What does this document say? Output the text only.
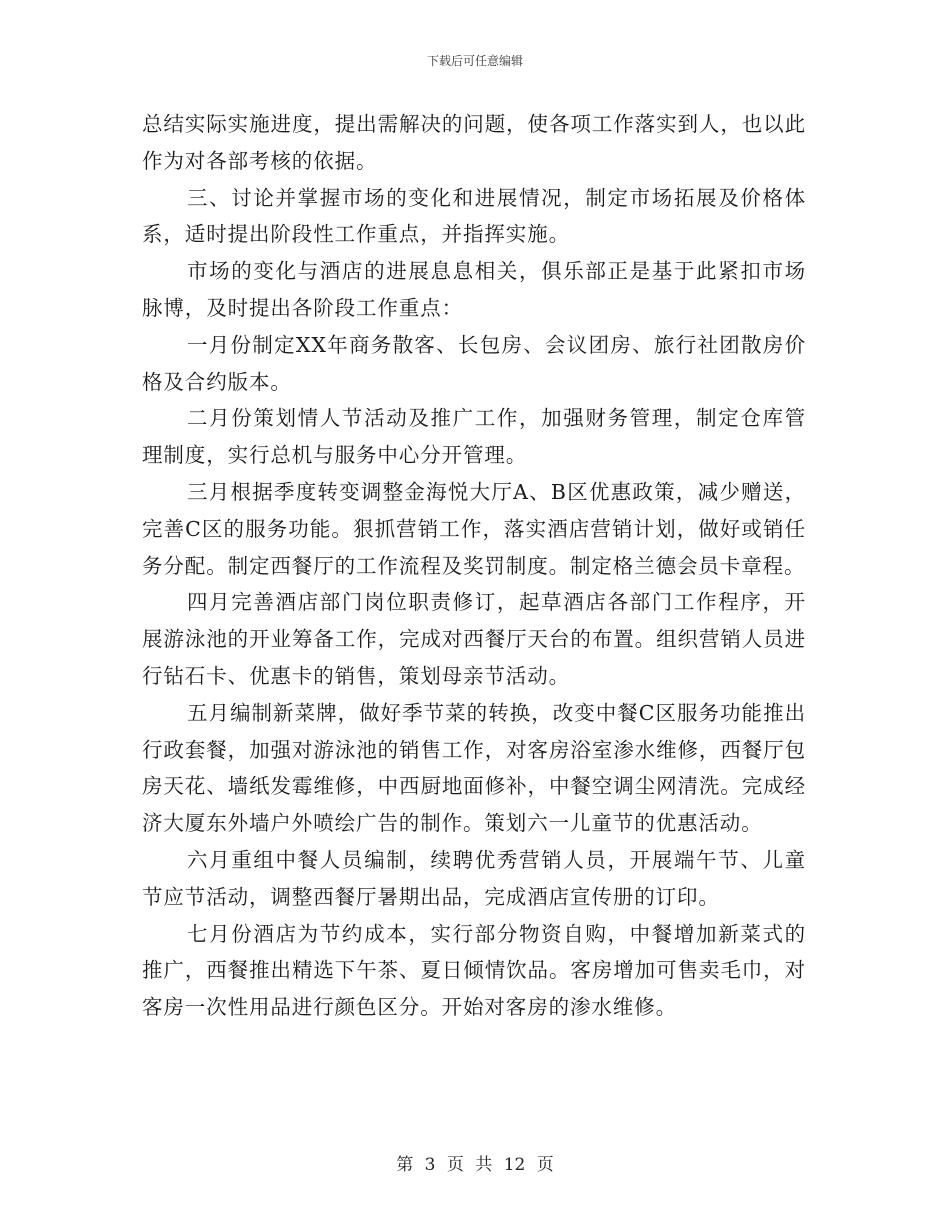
下载后可任意编辑

总结实际实施进度，提出需解决的问题，使各项工作落实到人，也以此作为对各部考核的依据。

三、讨论并掌握市场的变化和进展情况，制定市场拓展及价格体系，适时提出阶段性工作重点，并指挥实施。

市场的变化与酒店的进展息息相关，俱乐部正是基于此紧扣市场脉博，及时提出各阶段工作重点：

一月份制定XX年商务散客、长包房、会议团房、旅行社团散房价格及合约版本。

二月份策划情人节活动及推广工作，加强财务管理，制定仓库管理制度，实行总机与服务中心分开管理。

三月根据季度转变调整金海悦大厅A、B区优惠政策，减少赠送，完善C区的服务功能。狠抓营销工作，落实酒店营销计划，做好或销任务分配。制定西餐厅的工作流程及奖罚制度。制定格兰德会员卡章程。

四月完善酒店部门岗位职责修订，起草酒店各部门工作程序，开展游泳池的开业筹备工作，完成对西餐厅天台的布置。组织营销人员进行钻石卡、优惠卡的销售，策划母亲节活动。

五月编制新菜牌，做好季节菜的转换，改变中餐C区服务功能推出行政套餐，加强对游泳池的销售工作，对客房浴室渗水维修，西餐厅包房天花、墙纸发霉维修，中西厨地面修补，中餐空调尘网清洗。完成经济大厦东外墙户外喷绘广告的制作。策划六一儿童节的优惠活动。

六月重组中餐人员编制，续聘优秀营销人员，开展端午节、儿童节应节活动，调整西餐厅暑期出品，完成酒店宣传册的订印。

七月份酒店为节约成本，实行部分物资自购，中餐增加新菜式的推广，西餐推出精选下午茶、夏日倾情饮品。客房增加可售卖毛巾，对客房一次性用品进行颜色区分。开始对客房的渗水维修。

第 3 页 共 12 页
